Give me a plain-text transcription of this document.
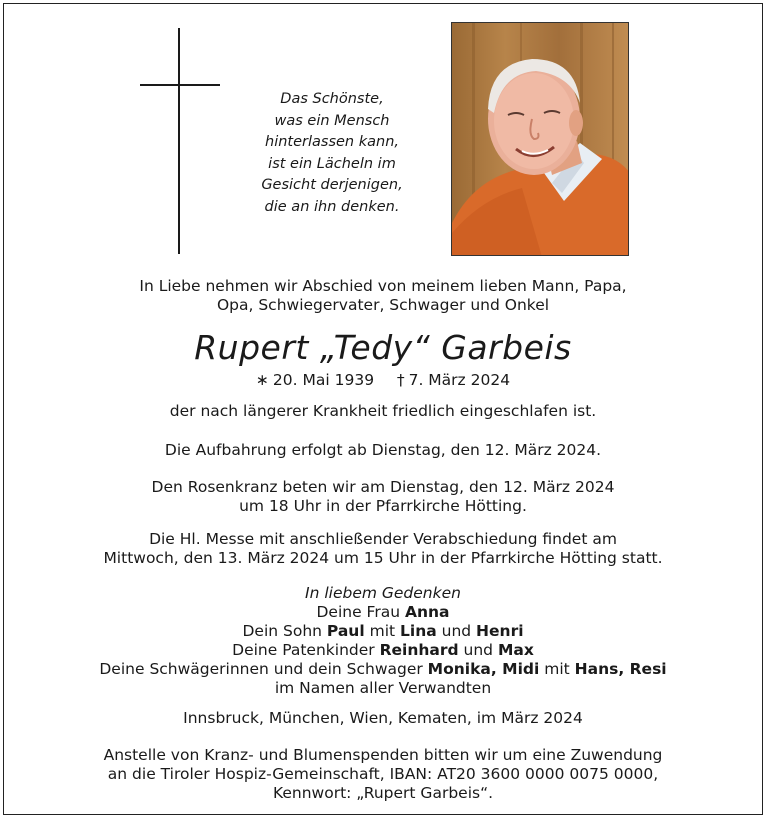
Das Schönste,
was ein Mensch
hinterlassen kann,
ist ein Lächeln im
Gesicht derjenigen,
die an ihn denken.
In Liebe nehmen wir Abschied von meinem lieben Mann, Papa,
Opa, Schwiegervater, Schwager und Onkel
Rupert „Tedy“ Garbeis
∗ 20. Mai 1939 † 7. März 2024
der nach längerer Krankheit friedlich eingeschlafen ist.
Die Aufbahrung erfolgt ab Dienstag, den 12. März 2024.
Den Rosenkranz beten wir am Dienstag, den 12. März 2024
um 18 Uhr in der Pfarrkirche Hötting.
Die Hl. Messe mit anschließender Verabschiedung findet am
Mittwoch, den 13. März 2024 um 15 Uhr in der Pfarrkirche Hötting statt.
In liebem Gedenken
Deine Frau Anna
Dein Sohn Paul mit Lina und Henri
Deine Patenkinder Reinhard und Max
Deine Schwägerinnen und dein Schwager Monika, Midi mit Hans, Resi
im Namen aller Verwandten
Innsbruck, München, Wien, Kematen, im März 2024
Anstelle von Kranz- und Blumenspenden bitten wir um eine Zuwendung
an die Tiroler Hospiz-Gemeinschaft, IBAN: AT20 3600 0000 0075 0000,
Kennwort: „Rupert Garbeis“.
